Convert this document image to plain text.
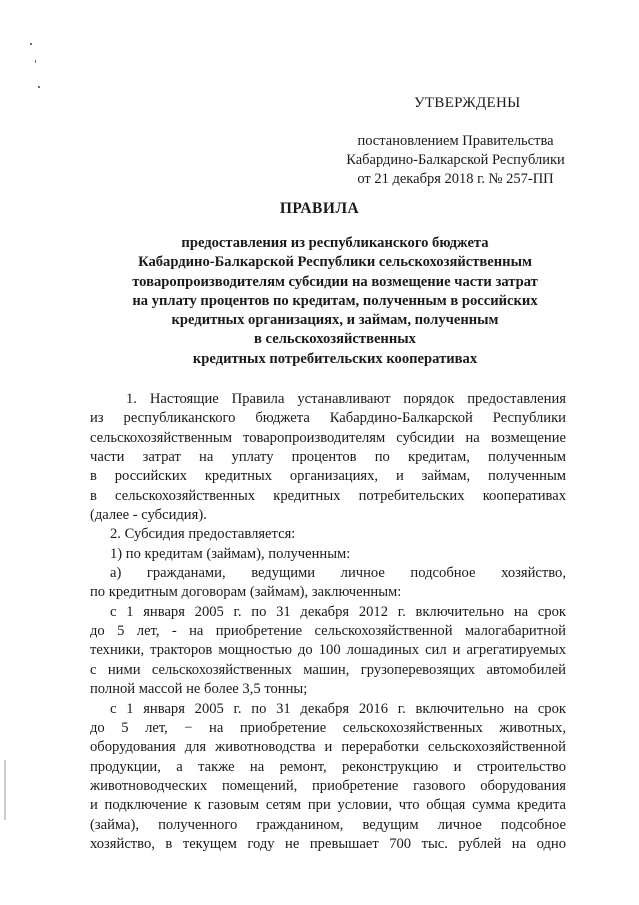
УТВЕРЖДЕНЫ
постановлением Правительства
Кабардино-Балкарской Республики
от 21 декабря 2018 г. № 257-ПП
ПРАВИЛА
предоставления из республиканского бюджета
Кабардино-Балкарской Республики сельскохозяйственным
товаропроизводителям субсидии на возмещение части затрат
на уплату процентов по кредитам, полученным в российских
кредитных организациях, и займам, полученным
в сельскохозяйственных
кредитных потребительских кооперативах
1. Настоящие Правила устанавливают порядок предоставления
из республиканского бюджета Кабардино-Балкарской Республики
сельскохозяйственным товаропроизводителям субсидии на возмещение
части затрат на уплату процентов по кредитам, полученным
в российских кредитных организациях, и займам, полученным
в сельскохозяйственных кредитных потребительских кооперативах
(далее - субсидия).
2. Субсидия предоставляется:
1) по кредитам (займам), полученным:
а) гражданами, ведущими личное подсобное хозяйство,
по кредитным договорам (займам), заключенным:
с 1 января 2005 г. по 31 декабря 2012 г. включительно на срок
до 5 лет, - на приобретение сельскохозяйственной малогабаритной
техники, тракторов мощностью до 100 лошадиных сил и агрегатируемых
с ними сельскохозяйственных машин, грузоперевозящих автомобилей
полной массой не более 3,5 тонны;
с 1 января 2005 г. по 31 декабря 2016 г. включительно на срок
до 5 лет, − на приобретение сельскохозяйственных животных,
оборудования для животноводства и переработки сельскохозяйственной
продукции, а также на ремонт, реконструкцию и строительство
животноводческих помещений, приобретение газового оборудования
и подключение к газовым сетям при условии, что общая сумма кредита
(займа), полученного гражданином, ведущим личное подсобное
хозяйство, в текущем году не превышает 700 тыс. рублей на одно
